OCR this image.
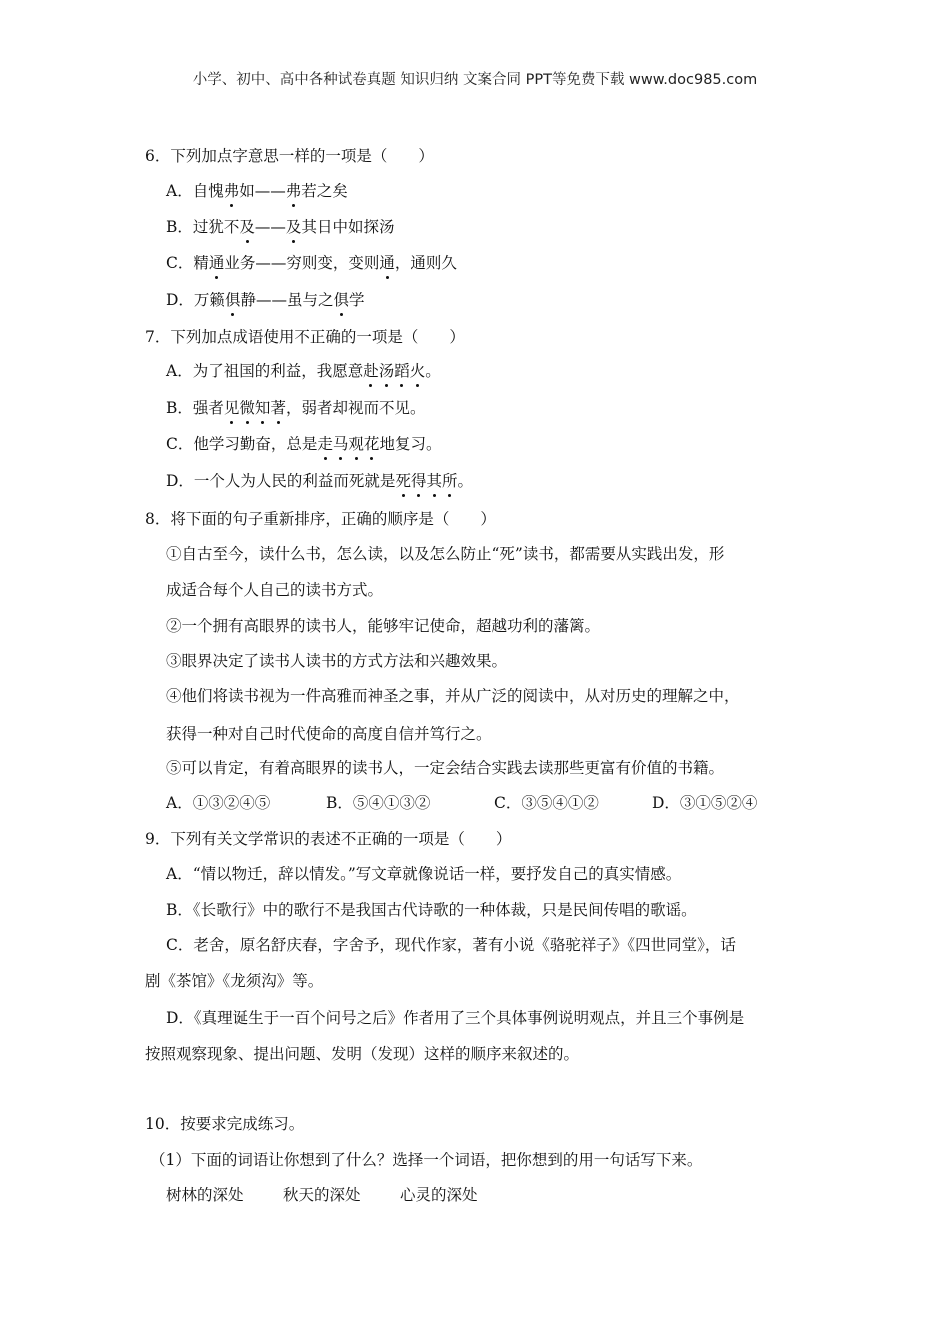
小学、初中、高中各种试卷真题 知识归纳 文案合同 PPT等免费下载 www.doc985.com
6．下列加点字意思一样的一项是（　　）
A．自愧弗如——弗若之矣
B．过犹不及——及其日中如探汤
C．精通业务——穷则变，变则通，通则久
D．万籁俱静——虽与之俱学
7．下列加点成语使用不正确的一项是（　　）
A．为了祖国的利益，我愿意赴汤蹈火。
B．强者见微知著，弱者却视而不见。
C．他学习勤奋，总是走马观花地复习。
D．一个人为人民的利益而死就是死得其所。
8．将下面的句子重新排序，正确的顺序是（　　）
①自古至今，读什么书，怎么读，以及怎么防止“死”读书，都需要从实践出发，形
成适合每个人自己的读书方式。
②一个拥有高眼界的读书人，能够牢记使命，超越功利的藩篱。
③眼界决定了读书人读书的方式方法和兴趣效果。
④他们将读书视为一件高雅而神圣之事，并从广泛的阅读中，从对历史的理解之中，
获得一种对自己时代使命的高度自信并笃行之。
⑤可以肯定，有着高眼界的读书人，一定会结合实践去读那些更富有价值的书籍。
A．①③②④⑤	B．⑤④①③②	C．③⑤④①②	D．③①⑤②④
9．下列有关文学常识的表述不正确的一项是（　　）
A．“情以物迁，辞以情发。”写文章就像说话一样，要抒发自己的真实情感。
B．《长歌行》中的歌行不是我国古代诗歌的一种体裁，只是民间传唱的歌谣。
C．老舍，原名舒庆春，字舍予，现代作家，著有小说《骆驼祥子》《四世同堂》，话
剧《茶馆》《龙须沟》等。
D．《真理诞生于一百个问号之后》作者用了三个具体事例说明观点，并且三个事例是
按照观察现象、提出问题、发明（发现）这样的顺序来叙述的。
10．按要求完成练习。
（1）下面的词语让你想到了什么？选择一个词语，把你想到的用一句话写下来。
树林的深处	秋天的深处	心灵的深处
